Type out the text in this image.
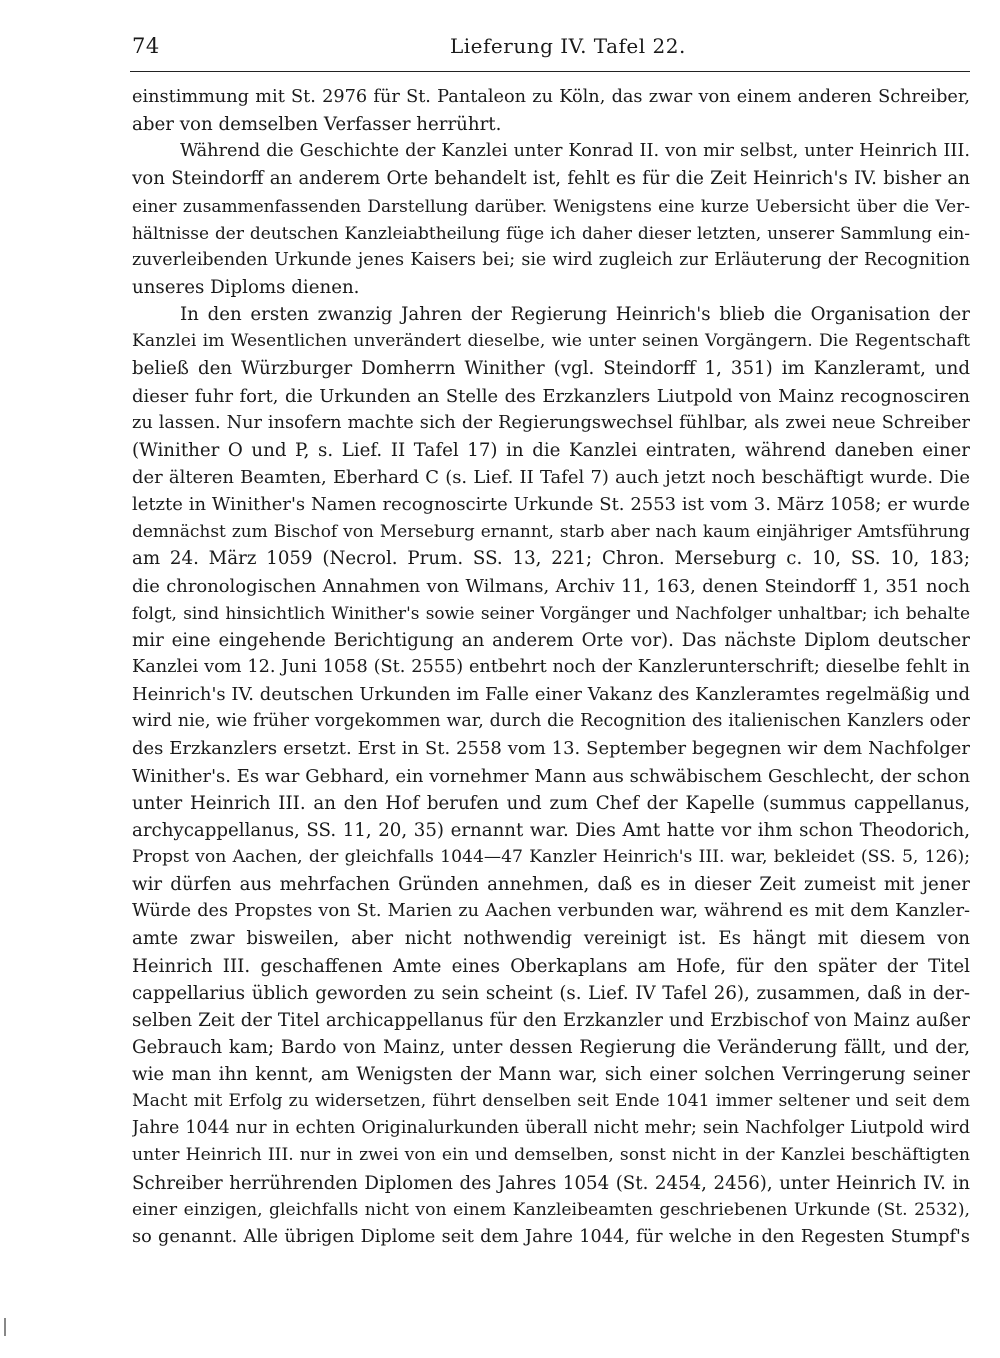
74	Lieferung IV. Tafel 22.
einstimmung mit St. 2976 für St. Pantaleon zu Köln, das zwar von einem anderen Schreiber,
aber von demselben Verfasser herrührt.
Während die Geschichte der Kanzlei unter Konrad II. von mir selbst, unter Heinrich III.
von Steindorff an anderem Orte behandelt ist, fehlt es für die Zeit Heinrich's IV. bisher an
einer zusammenfassenden Darstellung darüber. Wenigstens eine kurze Uebersicht über die Ver-
hältnisse der deutschen Kanzleiabtheilung füge ich daher dieser letzten, unserer Sammlung ein-
zuverleibenden Urkunde jenes Kaisers bei; sie wird zugleich zur Erläuterung der Recognition
unseres Diploms dienen.
In den ersten zwanzig Jahren der Regierung Heinrich's blieb die Organisation der
Kanzlei im Wesentlichen unverändert dieselbe, wie unter seinen Vorgängern. Die Regentschaft
beließ den Würzburger Domherrn Winither (vgl. Steindorff 1, 351) im Kanzleramt, und
dieser fuhr fort, die Urkunden an Stelle des Erzkanzlers Liutpold von Mainz recognosciren
zu lassen. Nur insofern machte sich der Regierungswechsel fühlbar, als zwei neue Schreiber
(Winither O und P, s. Lief. II Tafel 17) in die Kanzlei eintraten, während daneben einer
der älteren Beamten, Eberhard C (s. Lief. II Tafel 7) auch jetzt noch beschäftigt wurde. Die
letzte in Winither's Namen recognoscirte Urkunde St. 2553 ist vom 3. März 1058; er wurde
demnächst zum Bischof von Merseburg ernannt, starb aber nach kaum einjähriger Amtsführung
am 24. März 1059 (Necrol. Prum. SS. 13, 221; Chron. Merseburg c. 10, SS. 10, 183;
die chronologischen Annahmen von Wilmans, Archiv 11, 163, denen Steindorff 1, 351 noch
folgt, sind hinsichtlich Winither's sowie seiner Vorgänger und Nachfolger unhaltbar; ich behalte
mir eine eingehende Berichtigung an anderem Orte vor). Das nächste Diplom deutscher
Kanzlei vom 12. Juni 1058 (St. 2555) entbehrt noch der Kanzlerunterschrift; dieselbe fehlt in
Heinrich's IV. deutschen Urkunden im Falle einer Vakanz des Kanzleramtes regelmäßig und
wird nie, wie früher vorgekommen war, durch die Recognition des italienischen Kanzlers oder
des Erzkanzlers ersetzt. Erst in St. 2558 vom 13. September begegnen wir dem Nachfolger
Winither's. Es war Gebhard, ein vornehmer Mann aus schwäbischem Geschlecht, der schon
unter Heinrich III. an den Hof berufen und zum Chef der Kapelle (summus cappellanus,
archycappellanus, SS. 11, 20, 35) ernannt war. Dies Amt hatte vor ihm schon Theodorich,
Propst von Aachen, der gleichfalls 1044—47 Kanzler Heinrich's III. war, bekleidet (SS. 5, 126);
wir dürfen aus mehrfachen Gründen annehmen, daß es in dieser Zeit zumeist mit jener
Würde des Propstes von St. Marien zu Aachen verbunden war, während es mit dem Kanzler-
amte zwar bisweilen, aber nicht nothwendig vereinigt ist. Es hängt mit diesem von
Heinrich III. geschaffenen Amte eines Oberkaplans am Hofe, für den später der Titel
cappellarius üblich geworden zu sein scheint (s. Lief. IV Tafel 26), zusammen, daß in der-
selben Zeit der Titel archicappellanus für den Erzkanzler und Erzbischof von Mainz außer
Gebrauch kam; Bardo von Mainz, unter dessen Regierung die Veränderung fällt, und der,
wie man ihn kennt, am Wenigsten der Mann war, sich einer solchen Verringerung seiner
Macht mit Erfolg zu widersetzen, führt denselben seit Ende 1041 immer seltener und seit dem
Jahre 1044 nur in echten Originalurkunden überall nicht mehr; sein Nachfolger Liutpold wird
unter Heinrich III. nur in zwei von ein und demselben, sonst nicht in der Kanzlei beschäftigten
Schreiber herrührenden Diplomen des Jahres 1054 (St. 2454, 2456), unter Heinrich IV. in
einer einzigen, gleichfalls nicht von einem Kanzleibeamten geschriebenen Urkunde (St. 2532),
so genannt. Alle übrigen Diplome seit dem Jahre 1044, für welche in den Regesten Stumpf's
